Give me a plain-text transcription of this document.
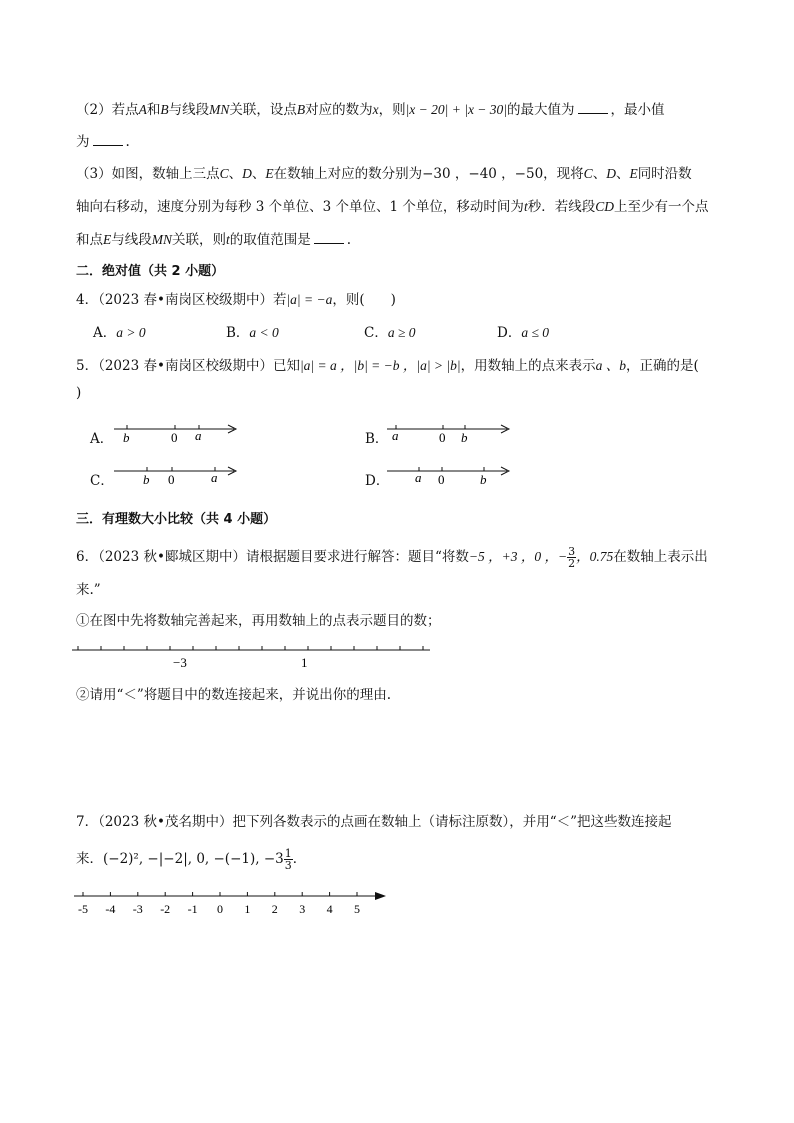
（2）若点A和B与线段MN关联，设点B对应的数为x，则|x − 20| + |x − 30|的最大值为	，最小值
为	.
（3）如图，数轴上三点C、D、E在数轴上对应的数分别为−30 ，−40 ，−50，现将C、D、E同时沿数
轴向右移动，速度分别为每秒 3 个单位、3 个单位、1 个单位，移动时间为t秒．若线段CD上至少有一个点
和点E与线段MN关联，则t的取值范围是	.
二．绝对值（共 2 小题）
4．（2023 春•南岗区校级期中）若|a| = −a，则( )
A．a > 0	B．a < 0	C．a ≥ 0	D．a ≤ 0
5．（2023 春•南岗区校级期中）已知|a| = a ，|b| = −b ，|a| > |b|，用数轴上的点来表示a 、b，正确的是(
)
A． b	0 a	B． a	0 b
C． b 0	a	D． a 0	b
三．有理数大小比较（共 4 小题）
6．（2023 秋•郾城区期中）请根据题目要求进行解答：题目“将数−5 ，+3 ，0 ，− $\frac{3}{2}$ ，0.75在数轴上表示出
来.”
①在图中先将数轴完善起来，再用数轴上的点表示题目的数；
−3	1
②请用“＜”将题目中的数连接起来，并说出你的理由.
7．（2023 秋•茂名期中）把下列各数表示的点画在数轴上（请标注原数），并用“＜”把这些数连接起
来．(−2)², −|−2|, 0, −(−1), $-3 \frac{1}{3}$ ．
-5 -4 -3 -2 -1 0 1 2 3 4 5
